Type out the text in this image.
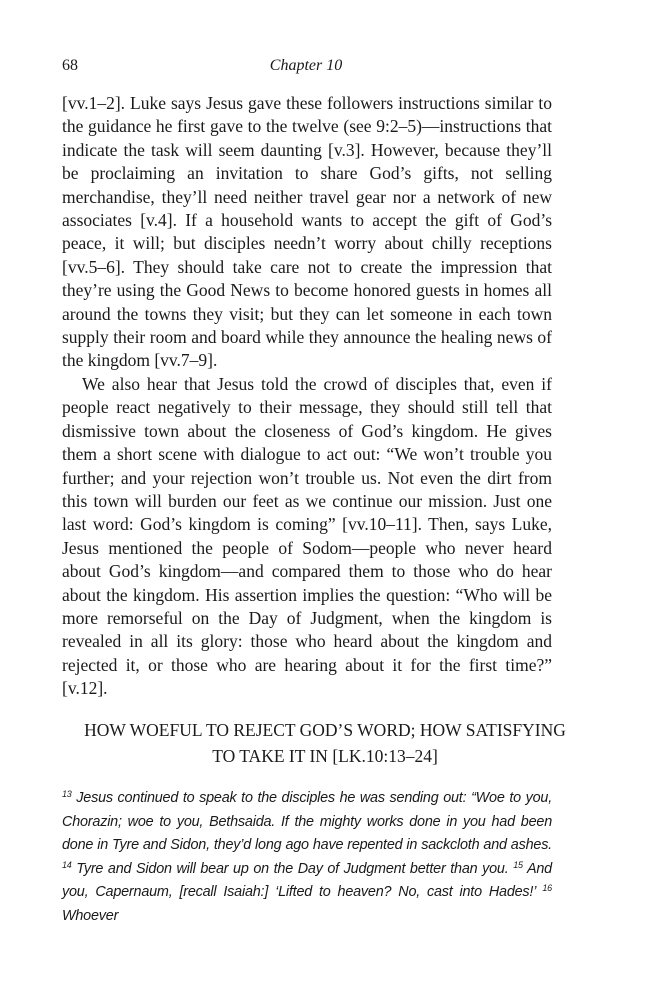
68	Chapter 10

[vv.1–2]. Luke says Jesus gave these followers instructions similar to the guidance he first gave to the twelve (see 9:2–5)—instructions that indicate the task will seem daunting [v.3]. However, because they’ll be proclaiming an invitation to share God’s gifts, not selling merchandise, they’ll need neither travel gear nor a network of new associates [v.4]. If a household wants to accept the gift of God’s peace, it will; but disciples needn’t worry about chilly receptions [vv.5–6]. They should take care not to create the impression that they’re using the Good News to become honored guests in homes all around the towns they visit; but they can let someone in each town supply their room and board while they announce the healing news of the kingdom [vv.7–9].

We also hear that Jesus told the crowd of disciples that, even if people react negatively to their message, they should still tell that dismissive town about the closeness of God’s kingdom. He gives them a short scene with dialogue to act out: “We won’t trouble you further; and your rejection won’t trouble us. Not even the dirt from this town will burden our feet as we continue our mission. Just one last word: God’s kingdom is coming” [vv.10–11]. Then, says Luke, Jesus mentioned the people of Sodom—people who never heard about God’s kingdom—and compared them to those who do hear about the kingdom. His assertion implies the question: “Who will be more remorseful on the Day of Judgment, when the kingdom is revealed in all its glory: those who heard about the kingdom and rejected it, or those who are hearing about it for the first time?” [v.12].

HOW WOEFUL TO REJECT GOD’S WORD; HOW SATISFYING
TO TAKE IT IN [LK.10:13–24]
$^{13}$ Jesus continued to speak to the disciples he was sending out: “Woe to you, Chorazin; woe to you, Bethsaida. If the mighty works done in you had been done in Tyre and Sidon, they’d long ago have repented in sackcloth and ashes. $^{14}$ Tyre and Sidon will bear up on the Day of Judgment better than you. $^{15}$ And you, Capernaum, [recall Isaiah:] ‘Lifted to heaven? No, cast into Hades!’ $^{16}$ Whoever
